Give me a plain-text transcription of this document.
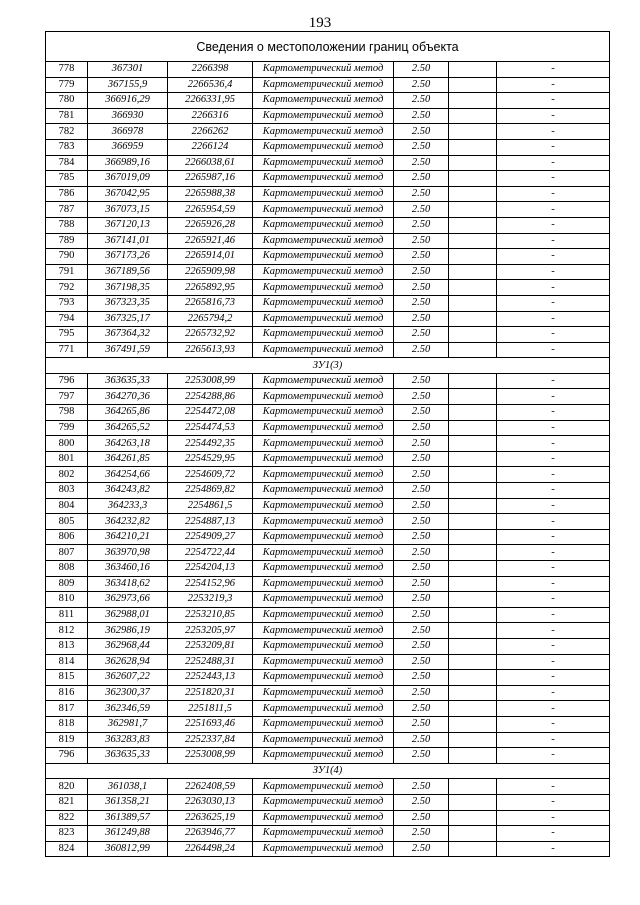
193
Сведения о местоположении границ объекта						
778	367301	2266398	Картометрический метод	2.50		-
779	367155,9	2266536,4	Картометрический метод	2.50		-
780	366916,29	2266331,95	Картометрический метод	2.50		-
781	366930	2266316	Картометрический метод	2.50		-
782	366978	2266262	Картометрический метод	2.50		-
783	366959	2266124	Картометрический метод	2.50		-
784	366989,16	2266038,61	Картометрический метод	2.50		-
785	367019,09	2265987,16	Картометрический метод	2.50		-
786	367042,95	2265988,38	Картометрический метод	2.50		-
787	367073,15	2265954,59	Картометрический метод	2.50		-
788	367120,13	2265926,28	Картометрический метод	2.50		-
789	367141,01	2265921,46	Картометрический метод	2.50		-
790	367173,26	2265914,01	Картометрический метод	2.50		-
791	367189,56	2265909,98	Картометрический метод	2.50		-
792	367198,35	2265892,95	Картометрический метод	2.50		-
793	367323,35	2265816,73	Картометрический метод	2.50		-
794	367325,17	2265794,2	Картометрический метод	2.50		-
795	367364,32	2265732,92	Картометрический метод	2.50		-
771	367491,59	2265613,93	Картометрический метод	2.50		-
ЗУ1(3)						
796	363635,33	2253008,99	Картометрический метод	2.50		-
797	364270,36	2254288,86	Картометрический метод	2.50		-
798	364265,86	2254472,08	Картометрический метод	2.50		-
799	364265,52	2254474,53	Картометрический метод	2.50		-
800	364263,18	2254492,35	Картометрический метод	2.50		-
801	364261,85	2254529,95	Картометрический метод	2.50		-
802	364254,66	2254609,72	Картометрический метод	2.50		-
803	364243,82	2254869,82	Картометрический метод	2.50		-
804	364233,3	2254861,5	Картометрический метод	2.50		-
805	364232,82	2254887,13	Картометрический метод	2.50		-
806	364210,21	2254909,27	Картометрический метод	2.50		-
807	363970,98	2254722,44	Картометрический метод	2.50		-
808	363460,16	2254204,13	Картометрический метод	2.50		-
809	363418,62	2254152,96	Картометрический метод	2.50		-
810	362973,66	2253219,3	Картометрический метод	2.50		-
811	362988,01	2253210,85	Картометрический метод	2.50		-
812	362986,19	2253205,97	Картометрический метод	2.50		-
813	362968,44	2253209,81	Картометрический метод	2.50		-
814	362628,94	2252488,31	Картометрический метод	2.50		-
815	362607,22	2252443,13	Картометрический метод	2.50		-
816	362300,37	2251820,31	Картометрический метод	2.50		-
817	362346,59	2251811,5	Картометрический метод	2.50		-
818	362981,7	2251693,46	Картометрический метод	2.50		-
819	363283,83	2252337,84	Картометрический метод	2.50		-
796	363635,33	2253008,99	Картометрический метод	2.50		-
ЗУ1(4)						
820	361038,1	2262408,59	Картометрический метод	2.50		-
821	361358,21	2263030,13	Картометрический метод	2.50		-
822	361389,57	2263625,19	Картометрический метод	2.50		-
823	361249,88	2263946,77	Картометрический метод	2.50		-
824	360812,99	2264498,24	Картометрический метод	2.50		-
